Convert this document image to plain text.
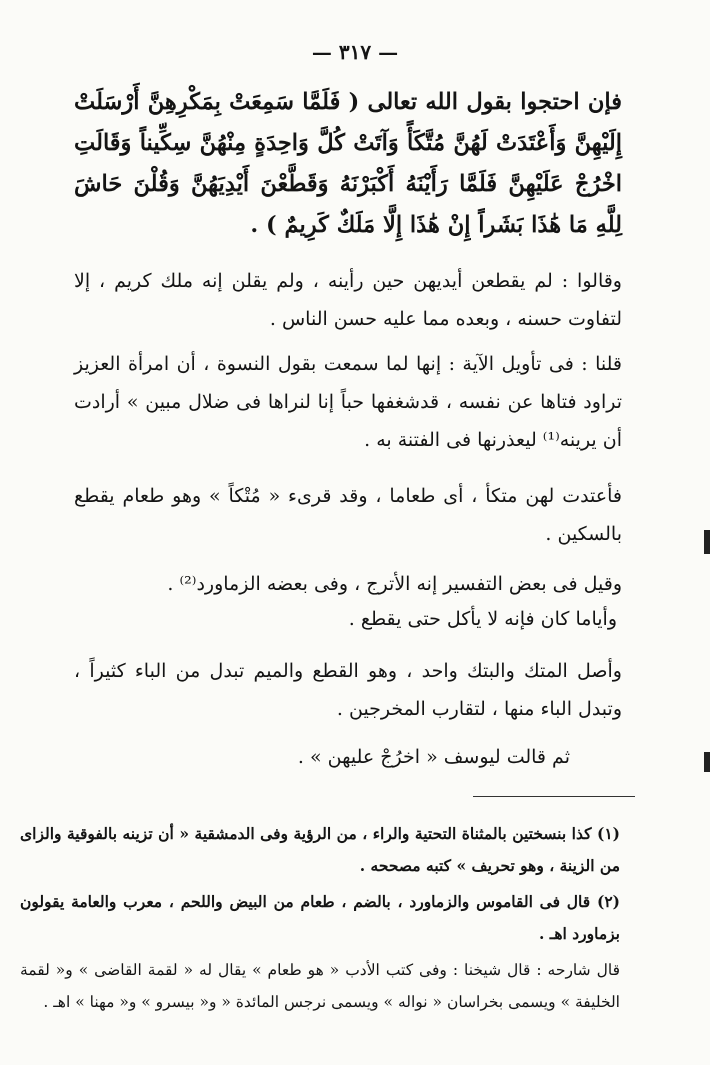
— ٣١٧ —
فإن احتجوا بقول الله تعالى ( فَلَمَّا سَمِعَتْ بِمَكْرِهِنَّ أَرْسَلَتْ إِلَيْهِنَّ وَأَعْتَدَتْ لَهُنَّ مُتَّكَأً وَآتَتْ كُلَّ وَاحِدَةٍ مِنْهُنَّ سِكِّيناً وَقَالَتِ اخْرُجْ عَلَيْهِنَّ فَلَمَّا رَأَيْنَهُ أَكْبَرْنَهُ وَقَطَّعْنَ أَيْدِيَهُنَّ وَقُلْنَ حَاشَ لِلَّهِ مَا هَٰذَا بَشَراً إِنْ هَٰذَا إِلَّا مَلَكٌ كَرِيمٌ ) .
وقالوا : لم يقطعن أيديهن حين رأينه ، ولم يقلن إنه ملك كريم ، إلا لتفاوت حسنه ، وبعده مما عليه حسن الناس .
قلنا : فى تأويل الآية : إنها لما سمعت بقول النسوة ، أن امرأة العزيز تراود فتاها عن نفسه ، قدشغفها حباً إنا لنراها فى ضلال مبين » أرادت أن يرينه⁽¹⁾ ليعذرنها فى الفتنة به .
فأعتدت لهن متكأ ، أى طعاما ، وقد قرىء « مُتْكاً » وهو طعام يقطع بالسكين .
وقيل فى بعض التفسير إنه الأترج ، وفى بعضه الزماورد⁽²⁾ .
وأياما كان فإنه لا يأكل حتى يقطع .
وأصل المتك والبتك واحد ، وهو القطع والميم تبدل من الباء كثيراً ، وتبدل الباء منها ، لتقارب المخرجين .
ثم قالت ليوسف « اخرُجْ عليهن » .

(١) كذا بنسختين بالمثناة التحتية والراء ، من الرؤية وفى الدمشقية « أن تزينه بالفوقية والزاى من الزينة ، وهو تحريف » كتبه مصححه .

(٢) قال فى القاموس والزماورد ، بالضم ، طعام من البيض واللحم ، معرب والعامة يقولون بزماورد اهـ .

قال شارحه : قال شيخنا : وفى كتب الأدب « هو طعام » يقال له « لقمة القاضى » و« لقمة الخليفة » ويسمى بخراسان « نواله » ويسمى نرجس المائدة « و« بيسرو » و« مهنا » اهـ .
